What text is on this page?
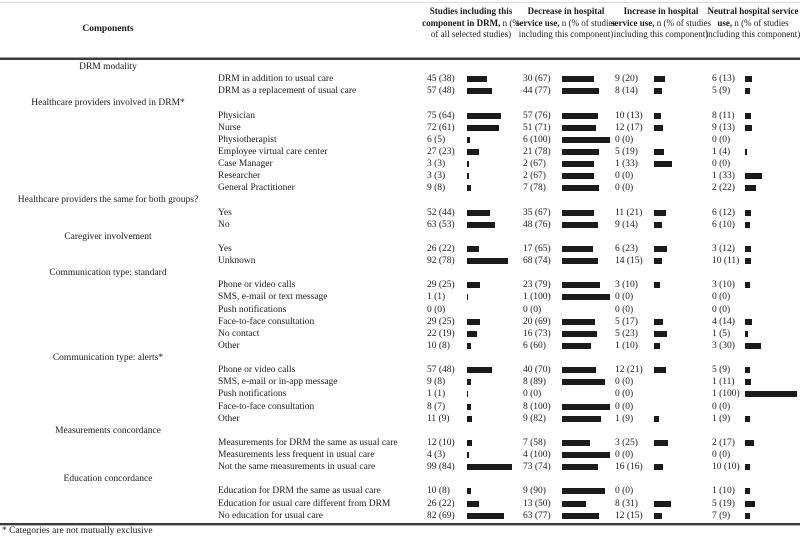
Components
Studies including this component in DRM, n (% of all selected studies)
Decrease in hospital service use, n (% of studies including this component)
Increase in hospital service use, n (% of studies including this component)
Neutral hospital service use, n (% of studies including this component)
DRM modality
DRM in addition to usual care	45 (38)	30 (67)	9 (20)	6 (13)
DRM as a replacement of usual care	57 (48)	44 (77)	8 (14)	5 (9)
Healthcare providers involved in DRM*
Physician	75 (64)	57 (76)	10 (13)	8 (11)
Nurse	72 (61)	51 (71)	12 (17)	9 (13)
Physiotherapist	6 (5)	6 (100)	0 (0)	0 (0)
Employee virtual care center	27 (23)	21 (78)	5 (19)	1 (4)
Case Manager	3 (3)	2 (67)	1 (33)	0 (0)
Researcher	3 (3)	2 (67)	0 (0)	1 (33)
General Practitioner	9 (8)	7 (78)	0 (0)	2 (22)
Healthcare providers the same for both groups?
Yes	52 (44)	35 (67)	11 (21)	6 (12)
No	63 (53)	48 (76)	9 (14)	6 (10)
Caregiver involvement
Yes	26 (22)	17 (65)	6 (23)	3 (12)
Unknown	92 (78)	68 (74)	14 (15)	10 (11)
Communication type: standard
Phone or video calls	29 (25)	23 (79)	3 (10)	3 (10)
SMS, e-mail or text message	1 (1)	1 (100)	0 (0)	0 (0)
Push notifications	0 (0)	0 (0)	0 (0)	0 (0)
Face-to-face consultation	29 (25)	20 (69)	5 (17)	4 (14)
No contact	22 (19)	16 (73)	5 (23)	1 (5)
Other	10 (8)	6 (60)	1 (10)	3 (30)
Communication type: alerts*
Phone or video calls	57 (48)	40 (70)	12 (21)	5 (9)
SMS, e-mail or in-app message	9 (8)	8 (89)	0 (0)	1 (11)
Push notifications	1 (1)	0 (0)	0 (0)	1 (100)
Face-to-face consultation	8 (7)	8 (100)	0 (0)	0 (0)
Other	11 (9)	9 (82)	1 (9)	1 (9)
Measurements concordance
Measurements for DRM the same as usual care	12 (10)	7 (58)	3 (25)	2 (17)
Measurements less frequent in usual care	4 (3)	4 (100)	0 (0)	0 (0)
Not the same measurements in usual care	99 (84)	73 (74)	16 (16)	10 (10)
Education concordance
Education for DRM the same as usual care	10 (8)	9 (90)	0 (0)	1 (10)
Education for usual care different from DRM	26 (22)	13 (50)	8 (31)	5 (19)
No education for usual care	82 (69)	63 (77)	12 (15)	7 (9)
* Categories are not mutually exclusive
